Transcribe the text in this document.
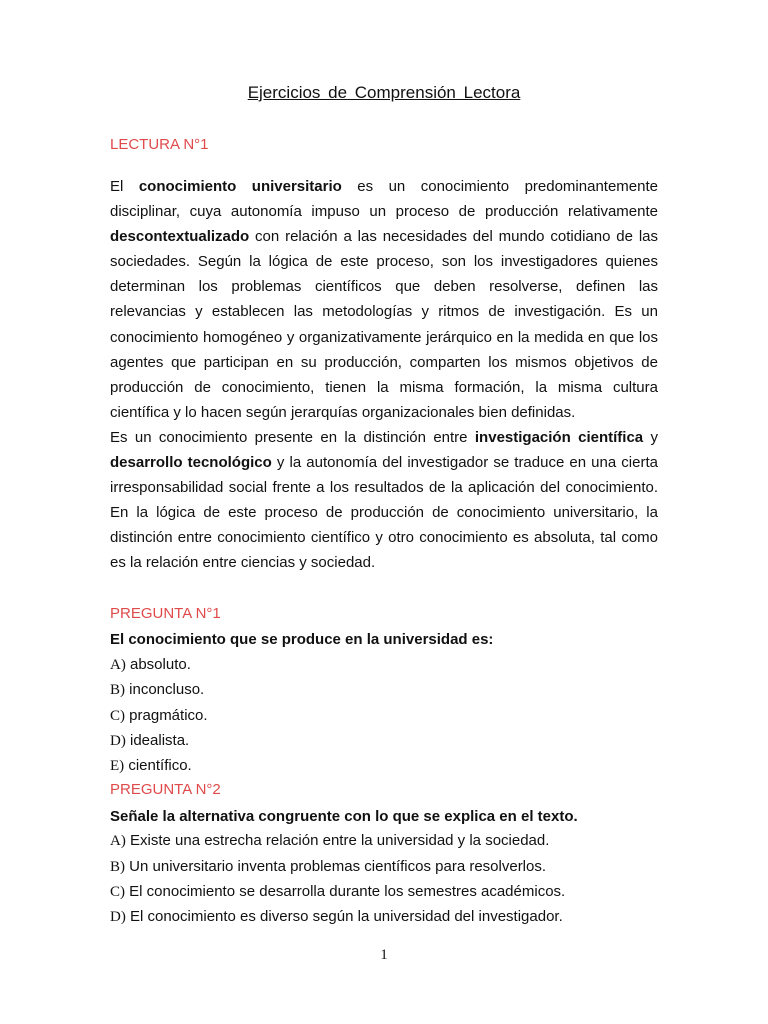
Ejercicios de Comprensión Lectora
LECTURA N°1

El conocimiento universitario es un conocimiento predominantemente disciplinar, cuya autonomía impuso un proceso de producción relativamente descontextualizado con relación a las necesidades del mundo cotidiano de las sociedades. Según la lógica de este proceso, son los investigadores quienes determinan los problemas científicos que deben resolverse, definen las relevancias y establecen las metodologías y ritmos de investigación. Es un conocimiento homogéneo y organizativamente jerárquico en la medida en que los agentes que participan en su producción, comparten los mismos objetivos de producción de conocimiento, tienen la misma formación, la misma cultura científica y lo hacen según jerarquías organizacionales bien definidas.

Es un conocimiento presente en la distinción entre investigación científica y desarrollo tecnológico y la autonomía del investigador se traduce en una cierta irresponsabilidad social frente a los resultados de la aplicación del conocimiento. En la lógica de este proceso de producción de conocimiento universitario, la distinción entre conocimiento científico y otro conocimiento es absoluta, tal como es la relación entre ciencias y sociedad.

PREGUNTA N°1
El conocimiento que se produce en la universidad es:
A) absoluto.
B) inconcluso.
C) pragmático.
D) idealista.
E) científico.
PREGUNTA N°2
Señale la alternativa congruente con lo que se explica en el texto.
A) Existe una estrecha relación entre la universidad y la sociedad.
B) Un universitario inventa problemas científicos para resolverlos.
C) El conocimiento se desarrolla durante los semestres académicos.
D) El conocimiento es diverso según la universidad del investigador.
1
